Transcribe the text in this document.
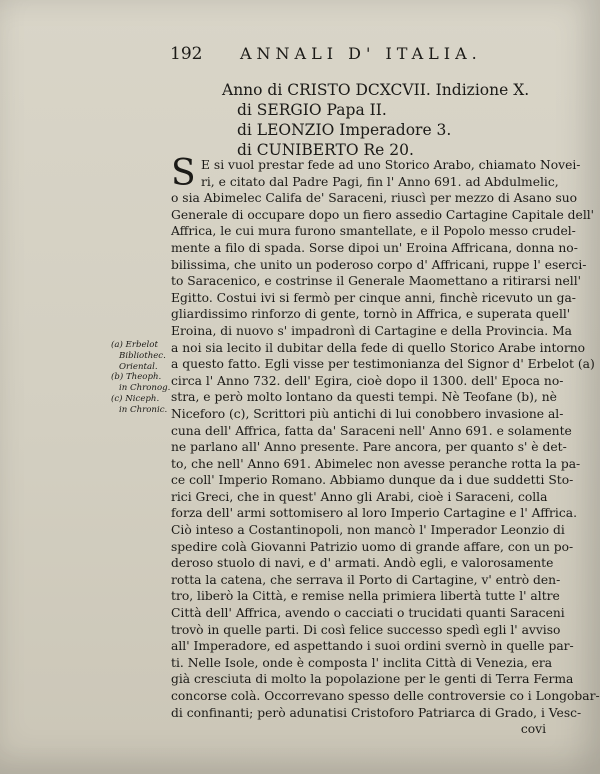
192	ANNALI D' ITALIA.
Anno di CRISTO DCXCVII. Indizione X.
di SERGIO Papa II.
di LEONZIO Imperadore 3.
di CUNIBERTO Re 20.
(a) Erbelot
Bibliothec.
Oriental.
(b) Theoph.
in Chronog.
(c) Niceph.
in Chronic.
S E si vuol prestar fede ad uno Storico Arabo, chiamato Novei-
ri, e citato dal Padre Pagi, fin l' Anno 691. ad Abdulmelic,
o sia Abimelec Califa de' Saraceni, riuscì per mezzo di Asano suo
Generale di occupare dopo un fiero assedio Cartagine Capitale dell'
Affrica, le cui mura furono smantellate, e il Popolo messo crudel-
mente a filo di spada. Sorse dipoi un' Eroina Affricana, donna no-
bilissima, che unito un poderoso corpo d' Affricani, ruppe l' eserci-
to Saracenico, e costrinse il Generale Maomettano a ritirarsi nell'
Egitto. Costui ivi si fermò per cinque anni, finchè ricevuto un ga-
gliardissimo rinforzo di gente, tornò in Affrica, e superata quell'
Eroina, di nuovo s' impadronì di Cartagine e della Provincia. Ma
a noi sia lecito il dubitar della fede di quello Storico Arabe intorno
a questo fatto. Egli visse per testimonianza del Signor d' Erbelot (a)
circa l' Anno 732. dell' Egira, cioè dopo il 1300. dell' Epoca no-
stra, e però molto lontano da questi tempi. Nè Teofane (b), nè
Niceforo (c), Scrittori più antichi di lui conobbero invasione al-
cuna dell' Affrica, fatta da' Saraceni nell' Anno 691. e solamente
ne parlano all' Anno presente. Pare ancora, per quanto s' è det-
to, che nell' Anno 691. Abimelec non avesse peranche rotta la pa-
ce coll' Imperio Romano. Abbiamo dunque da i due suddetti Sto-
rici Greci, che in quest' Anno gli Arabi, cioè i Saraceni, colla
forza dell' armi sottomisero al loro Imperio Cartagine e l' Affrica.
Ciò inteso a Costantinopoli, non mancò l' Imperador Leonzio di
spedire colà Giovanni Patrizio uomo di grande affare, con un po-
deroso stuolo di navi, e d' armati. Andò egli, e valorosamente
rotta la catena, che serrava il Porto di Cartagine, v' entrò den-
tro, liberò la Città, e remise nella primiera libertà tutte l' altre
Città dell' Affrica, avendo o cacciati o trucidati quanti Saraceni
trovò in quelle parti. Di così felice successo spedì egli l' avviso
all' Imperadore, ed aspettando i suoi ordini svernò in quelle par-
ti. Nelle Isole, onde è composta l' inclita Città di Venezia, era
già cresciuta di molto la popolazione per le genti di Terra Ferma
concorse colà. Occorrevano spesso delle controversie co i Longobar-
di confinanti; però adunatisi Cristoforo Patriarca di Grado, i Vesc-
covi
